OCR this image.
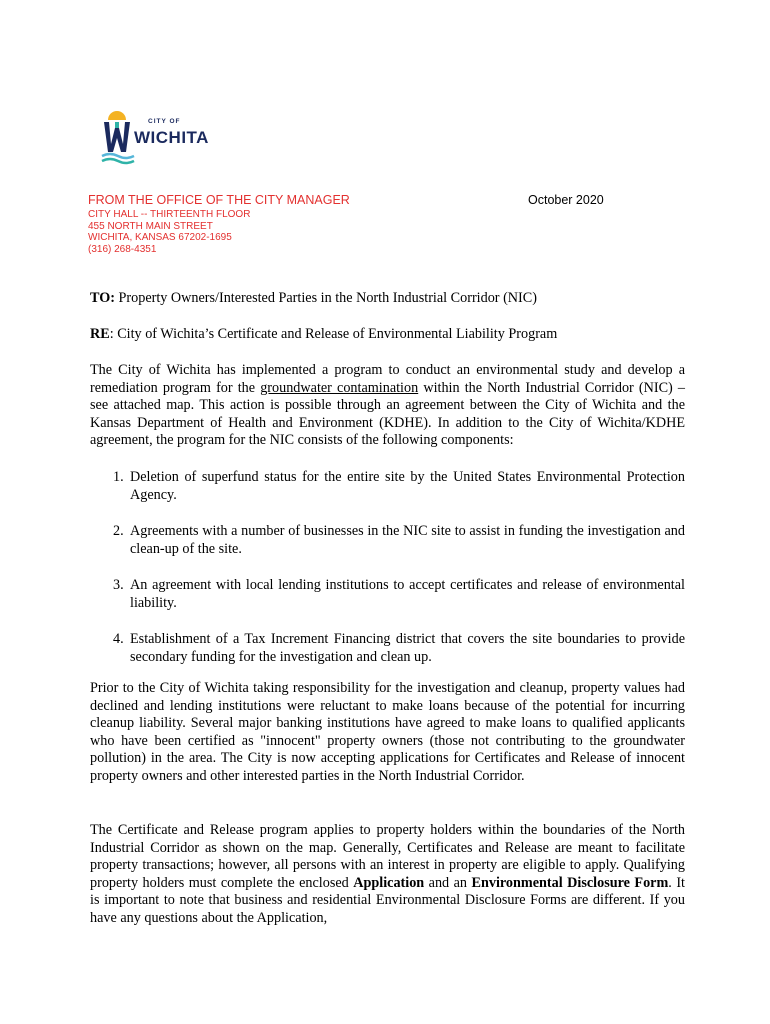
CITY OF
WICHITA
FROM THE OFFICE OF THE CITY MANAGER	October 2020
CITY HALL -- THIRTEENTH FLOOR
455 NORTH MAIN STREET
WICHITA, KANSAS 67202-1695
(316) 268-4351
TO: Property Owners/Interested Parties in the North Industrial Corridor (NIC)
RE: City of Wichita’s Certificate and Release of Environmental Liability Program
The City of Wichita has implemented a program to conduct an environmental study and develop a remediation program for the groundwater contamination within the North Industrial Corridor (NIC) – see attached map. This action is possible through an agreement between the City of Wichita and the Kansas Department of Health and Environment (KDHE). In addition to the City of Wichita/KDHE agreement, the program for the NIC consists of the following components:
1. Deletion of superfund status for the entire site by the United States Environmental Protection Agency.
2. Agreements with a number of businesses in the NIC site to assist in funding the investigation and clean-up of the site.
3. An agreement with local lending institutions to accept certificates and release of environmental liability.
4. Establishment of a Tax Increment Financing district that covers the site boundaries to provide secondary funding for the investigation and clean up.
Prior to the City of Wichita taking responsibility for the investigation and cleanup, property values had declined and lending institutions were reluctant to make loans because of the potential for incurring cleanup liability. Several major banking institutions have agreed to make loans to qualified applicants who have been certified as "innocent" property owners (those not contributing to the groundwater pollution) in the area. The City is now accepting applications for Certificates and Release of innocent property owners and other interested parties in the North Industrial Corridor.
The Certificate and Release program applies to property holders within the boundaries of the North Industrial Corridor as shown on the map. Generally, Certificates and Release are meant to facilitate property transactions; however, all persons with an interest in property are eligible to apply. Qualifying property holders must complete the enclosed Application and an Environmental Disclosure Form. It is important to note that business and residential Environmental Disclosure Forms are different. If you have any questions about the Application,
